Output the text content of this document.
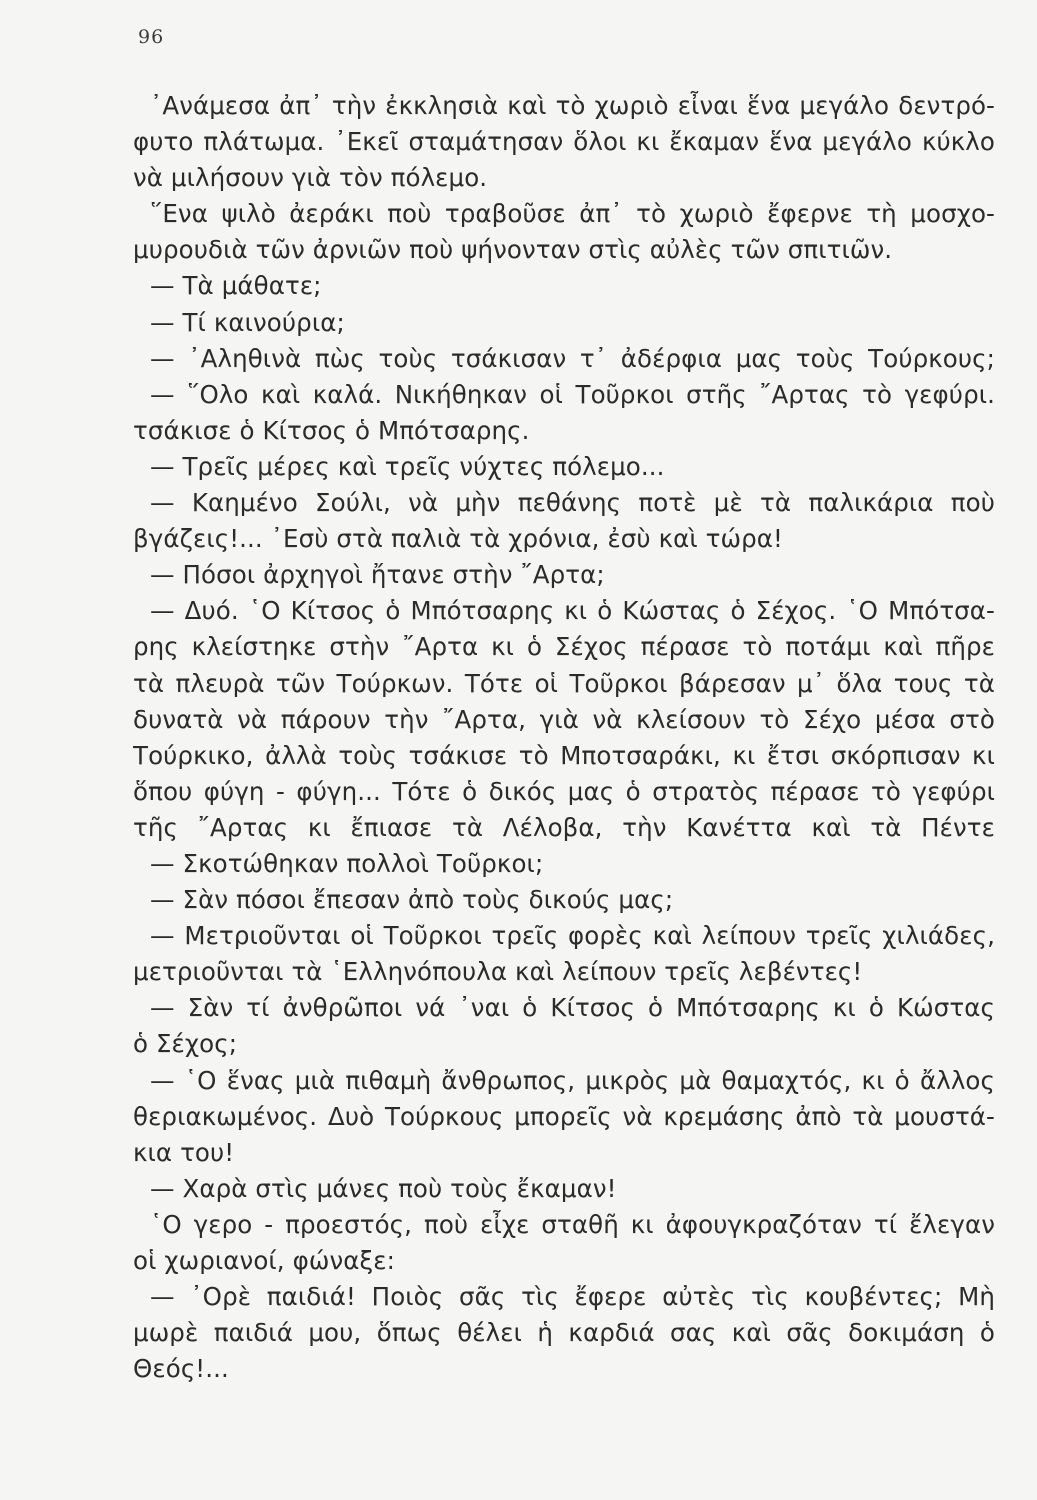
96
᾿Ανάμεσα ἀπ᾿ τὴν ἐκκλησιὰ καὶ τὸ χωριὸ εἶναι ἕνα μεγάλο δεντρό-
φυτο πλάτωμα. ᾿Εκεῖ σταμάτησαν ὅλοι κι ἔκαμαν ἕνα μεγάλο κύκλο
νὰ μιλήσουν γιὰ τὸν πόλεμο.
῞Ενα ψιλὸ ἀεράκι ποὺ τραβοῦσε ἀπ᾿ τὸ χωριὸ ἔφερνε τὴ μοσχο-
μυρουδιὰ τῶν ἀρνιῶν ποὺ ψήνονταν στὶς αὐλὲς τῶν σπιτιῶν.
— Τὰ μάθατε;
— Τί καινούρια;
— ᾿Αληθινὰ πὼς τοὺς τσάκισαν τ᾿ ἀδέρφια μας τοὺς Τούρκους;
— ῞Ολο καὶ καλά. Νικήθηκαν οἱ Τοῦρκοι στῆς ῎Αρτας τὸ γεφύρι.
τσάκισε ὁ Κίτσος ὁ Μπότσαρης.
— Τρεῖς μέρες καὶ τρεῖς νύχτες πόλεμο...
— Καημένο Σούλι, νὰ μὴν πεθάνης ποτὲ μὲ τὰ παλικάρια ποὺ
βγάζεις!... ᾿Εσὺ στὰ παλιὰ τὰ χρόνια, ἐσὺ καὶ τώρα!
— Πόσοι ἀρχηγοὶ ἤτανε στὴν ῎Αρτα;
— Δυό. ῾Ο Κίτσος ὁ Μπότσαρης κι ὁ Κώστας ὁ Σέχος. ῾Ο Μπότσα-
ρης κλείστηκε στὴν ῎Αρτα κι ὁ Σέχος πέρασε τὸ ποτάμι καὶ πῆρε
τὰ πλευρὰ τῶν Τούρκων. Τότε οἱ Τοῦρκοι βάρεσαν μ᾿ ὅλα τους τὰ
δυνατὰ νὰ πάρουν τὴν ῎Αρτα, γιὰ νὰ κλείσουν τὸ Σέχο μέσα στὸ
Τούρκικο, ἀλλὰ τοὺς τσάκισε τὸ Μποτσαράκι, κι ἔτσι σκόρπισαν κι
ὅπου φύγη - φύγη... Τότε ὁ δικός μας ὁ στρατὸς πέρασε τὸ γεφύρι
τῆς ῎Αρτας κι ἔπιασε τὰ Λέλοβα, τὴν Κανέττα καὶ τὰ Πέντε
— Σκοτώθηκαν πολλοὶ Τοῦρκοι;
— Σὰν πόσοι ἔπεσαν ἀπὸ τοὺς δικούς μας;
— Μετριοῦνται οἱ Τοῦρκοι τρεῖς φορὲς καὶ λείπουν τρεῖς χιλιάδες,
μετριοῦνται τὰ ῾Ελληνόπουλα καὶ λείπουν τρεῖς λεβέντες!
— Σὰν τί ἀνθρῶποι νά ᾿ναι ὁ Κίτσος ὁ Μπότσαρης κι ὁ Κώστας
ὁ Σέχος;
— ῾Ο ἕνας μιὰ πιθαμὴ ἄνθρωπος, μικρὸς μὰ θαμαχτός, κι ὁ ἄλλος
θεριακωμένος. Δυὸ Τούρκους μπορεῖς νὰ κρεμάσης ἀπὸ τὰ μουστά-
κια του!
— Χαρὰ στὶς μάνες ποὺ τοὺς ἔκαμαν!
῾Ο γερο - προεστός, ποὺ εἶχε σταθῆ κι ἀφουγκραζόταν τί ἔλεγαν
οἱ χωριανοί, φώναξε:
— ᾿Ορὲ παιδιά! Ποιὸς σᾶς τὶς ἔφερε αὐτὲς τὶς κουβέντες; Μὴ
μωρὲ παιδιά μου, ὅπως θέλει ἡ καρδιά σας καὶ σᾶς δοκιμάση ὁ
Θεός!...
